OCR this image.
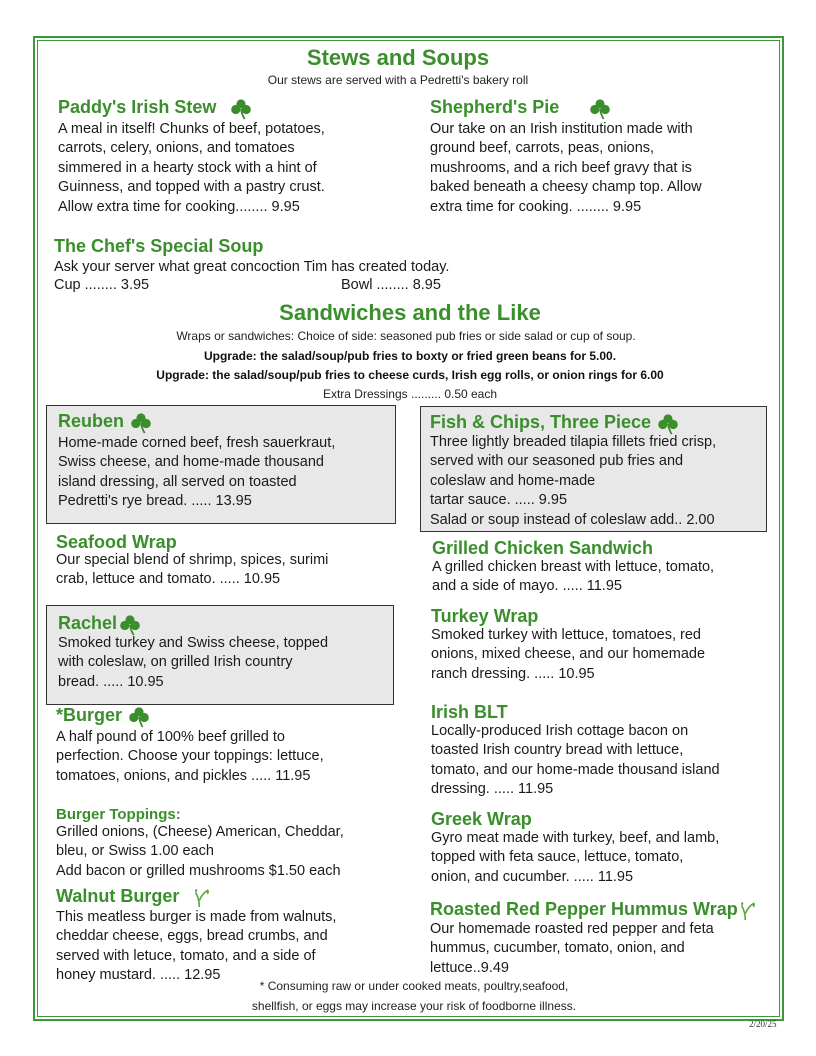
Stews and Soups
Our stews are served with a Pedretti's bakery roll
Paddy's Irish Stew
A meal in itself! Chunks of beef, potatoes,
carrots, celery, onions, and tomatoes
simmered in a hearty stock with a hint of
Guinness, and topped with a pastry crust.
Allow extra time for cooking........ 9.95
Shepherd's Pie
Our take on an Irish institution made with
ground beef, carrots, peas, onions,
mushrooms, and a rich beef gravy that is
baked beneath a cheesy champ top. Allow
extra time for cooking. ........ 9.95
The Chef's Special Soup
Ask your server what great concoction Tim has created today.
Cup ........ 3.95	Bowl ........ 8.95
Sandwiches and the Like
Wraps or sandwiches: Choice of side: seasoned pub fries or side salad or cup of soup.
Upgrade: the salad/soup/pub fries to boxty or fried green beans for 5.00.
Upgrade: the salad/soup/pub fries to cheese curds, Irish egg rolls, or onion rings for 6.00
Extra Dressings ......... 0.50 each
Reuben
Home-made corned beef, fresh sauerkraut,
Swiss cheese, and home-made thousand
island dressing, all served on toasted
Pedretti's rye bread. ..... 13.95
Fish & Chips, Three Piece
Three lightly breaded tilapia fillets fried crisp,
served with our seasoned pub fries and
coleslaw and home-made
tartar sauce. ..... 9.95
Salad or soup instead of coleslaw add.. 2.00
Seafood Wrap
Our special blend of shrimp, spices, surimi
crab, lettuce and tomato. ..... 10.95
Grilled Chicken Sandwich
A grilled chicken breast with lettuce, tomato,
and a side of mayo. ..... 11.95
Rachel
Smoked turkey and Swiss cheese, topped
with coleslaw, on grilled Irish country
bread. ..... 10.95
Turkey Wrap
Smoked turkey with lettuce, tomatoes, red
onions, mixed cheese, and our homemade
ranch dressing. ..... 10.95
*Burger
A half pound of 100% beef grilled to
perfection. Choose your toppings: lettuce,
tomatoes, onions, and pickles ..... 11.95
Irish BLT
Locally-produced Irish cottage bacon on
toasted Irish country bread with lettuce,
tomato, and our home-made thousand island
dressing. ..... 11.95
Burger Toppings:
Grilled onions, (Cheese) American, Cheddar,
bleu, or Swiss 1.00 each
Add bacon or grilled mushrooms $1.50 each
Greek Wrap
Gyro meat made with turkey, beef, and lamb,
topped with feta sauce, lettuce, tomato,
onion, and cucumber. ..... 11.95
Walnut Burger
This meatless burger is made from walnuts,
cheddar cheese, eggs, bread crumbs, and
served with letuce, tomato, and a side of
honey mustard. ..... 12.95
Roasted Red Pepper Hummus Wrap
Our homemade roasted red pepper and feta
hummus, cucumber, tomato, onion, and
lettuce..9.49
* Consuming raw or under cooked meats, poultry,seafood,
shellfish, or eggs may increase your risk of foodborne illness.
2/20/25
